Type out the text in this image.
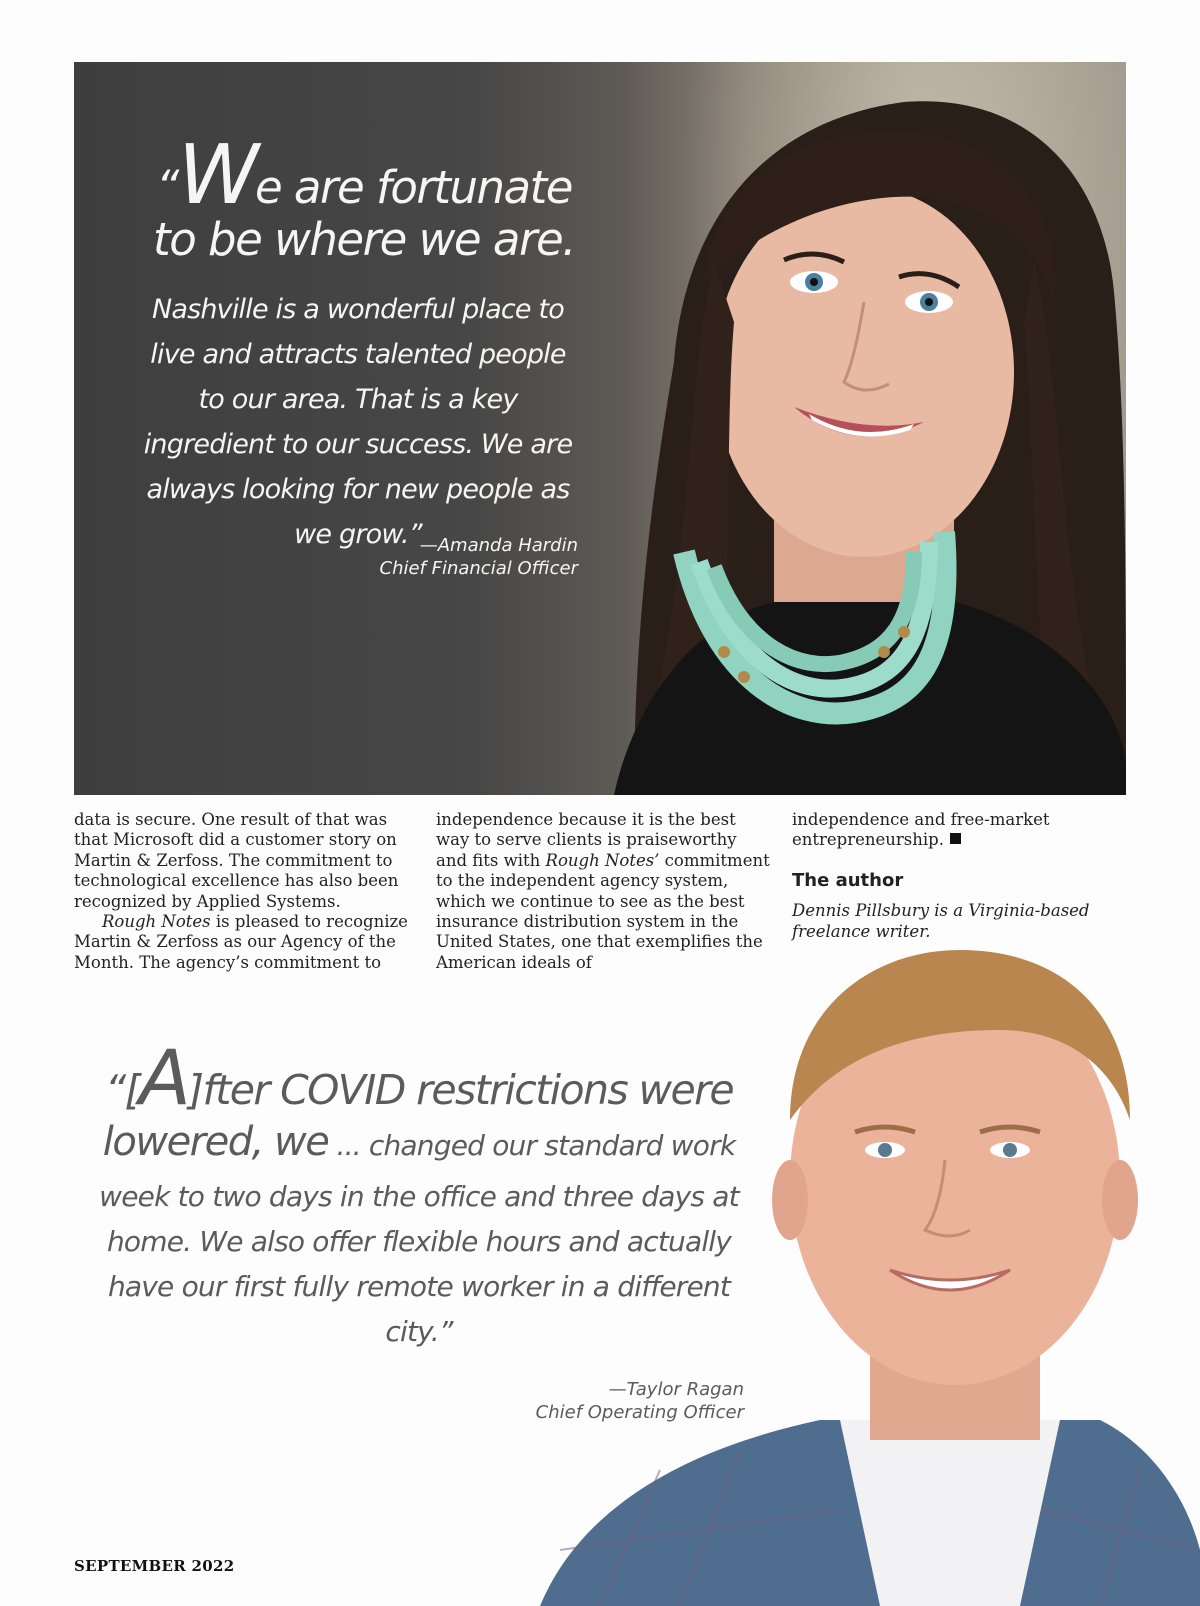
“We are fortunate
to be where we are.
Nashville is a wonderful place to live and attracts talented people to our area. That is a key ingredient to our success. We are always looking for new people as we grow.”
—Amanda Hardin
Chief Financial Officer

data is secure. One result of that was that Microsoft did a customer story on Martin & Zerfoss. The commitment to technological excellence has also been recognized by Applied Systems.

Rough Notes is pleased to recognize Martin & Zerfoss as our Agency of the Month. The agency’s commitment to

independence because it is the best way to serve clients is praiseworthy and fits with Rough Notes’ commitment to the independent agency system, which we continue to see as the best insurance distribution system in the United States, one that exemplifies the American ideals of

independence and free-market entrepreneurship.

The author

Dennis Pillsbury is a Virginia-based freelance writer.

“[A]fter COVID restrictions were
lowered, we ... changed our standard work
week to two days in the office and three days at home. We also offer flexible hours and actually have our first fully remote worker in a different city.”
—Taylor Ragan
Chief Operating Officer
SEPTEMBER 2022
